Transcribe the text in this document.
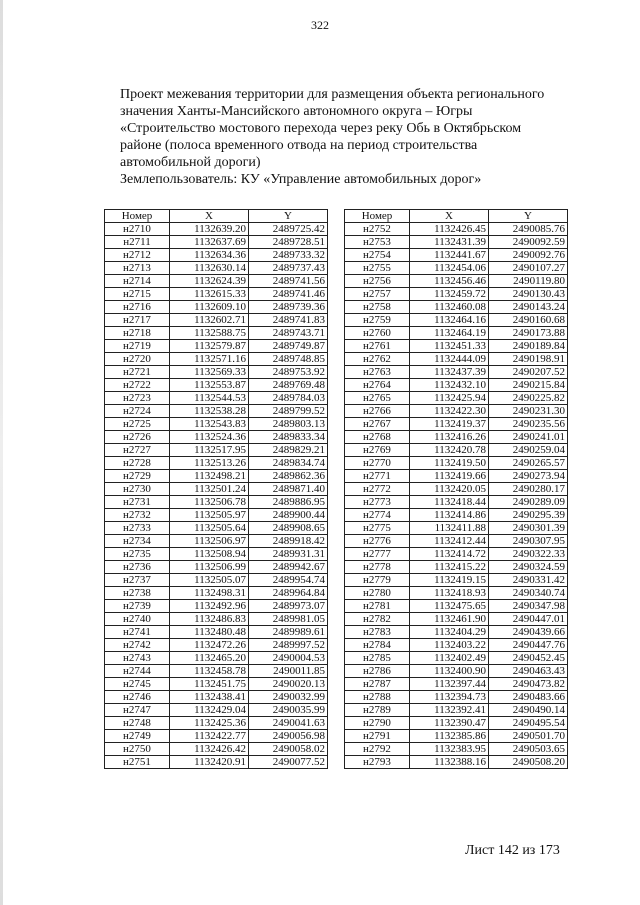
322
Проект межевания территории для размещения объекта регионального
значения Ханты-Мансийского автономного округа – Югры
«Строительство мостового перехода через реку Обь в Октябрьском
районе (полоса временного отвода на период строительства
автомобильной дороги)
Землепользователь: КУ «Управление автомобильных дорог»
Номер	X	Y
н2710	1132639.20	2489725.42
н2711	1132637.69	2489728.51
н2712	1132634.36	2489733.32
н2713	1132630.14	2489737.43
н2714	1132624.39	2489741.56
н2715	1132615.33	2489741.46
н2716	1132609.10	2489739.36
н2717	1132602.71	2489741.83
н2718	1132588.75	2489743.71
н2719	1132579.87	2489749.87
н2720	1132571.16	2489748.85
н2721	1132569.33	2489753.92
н2722	1132553.87	2489769.48
н2723	1132544.53	2489784.03
н2724	1132538.28	2489799.52
н2725	1132543.83	2489803.13
н2726	1132524.36	2489833.34
н2727	1132517.95	2489829.21
н2728	1132513.26	2489834.74
н2729	1132498.21	2489862.36
н2730	1132501.24	2489871.40
н2731	1132506.78	2489886.95
н2732	1132505.97	2489900.44
н2733	1132505.64	2489908.65
н2734	1132506.97	2489918.42
н2735	1132508.94	2489931.31
н2736	1132506.99	2489942.67
н2737	1132505.07	2489954.74
н2738	1132498.31	2489964.84
н2739	1132492.96	2489973.07
н2740	1132486.83	2489981.05
н2741	1132480.48	2489989.61
н2742	1132472.26	2489997.52
н2743	1132465.20	2490004.53
н2744	1132458.78	2490011.85
н2745	1132451.75	2490020.13
н2746	1132438.41	2490032.99
н2747	1132429.04	2490035.99
н2748	1132425.36	2490041.63
н2749	1132422.77	2490056.98
н2750	1132426.42	2490058.02
н2751	1132420.91	2490077.52
Номер	X	Y
н2752	1132426.45	2490085.76
н2753	1132431.39	2490092.59
н2754	1132441.67	2490092.76
н2755	1132454.06	2490107.27
н2756	1132456.46	2490119.80
н2757	1132459.72	2490130.43
н2758	1132460.08	2490143.24
н2759	1132464.16	2490160.68
н2760	1132464.19	2490173.88
н2761	1132451.33	2490189.84
н2762	1132444.09	2490198.91
н2763	1132437.39	2490207.52
н2764	1132432.10	2490215.84
н2765	1132425.94	2490225.82
н2766	1132422.30	2490231.30
н2767	1132419.37	2490235.56
н2768	1132416.26	2490241.01
н2769	1132420.78	2490259.04
н2770	1132419.50	2490265.57
н2771	1132419.66	2490273.94
н2772	1132420.05	2490280.17
н2773	1132418.44	2490289.09
н2774	1132414.86	2490295.39
н2775	1132411.88	2490301.39
н2776	1132412.44	2490307.95
н2777	1132414.72	2490322.33
н2778	1132415.22	2490324.59
н2779	1132419.15	2490331.42
н2780	1132418.93	2490340.74
н2781	1132475.65	2490347.98
н2782	1132461.90	2490447.01
н2783	1132404.29	2490439.66
н2784	1132403.22	2490447.76
н2785	1132402.49	2490452.45
н2786	1132400.90	2490463.43
н2787	1132397.44	2490473.82
н2788	1132394.73	2490483.66
н2789	1132392.41	2490490.14
н2790	1132390.47	2490495.54
н2791	1132385.86	2490501.70
н2792	1132383.95	2490503.65
н2793	1132388.16	2490508.20
Лист 142 из 173
